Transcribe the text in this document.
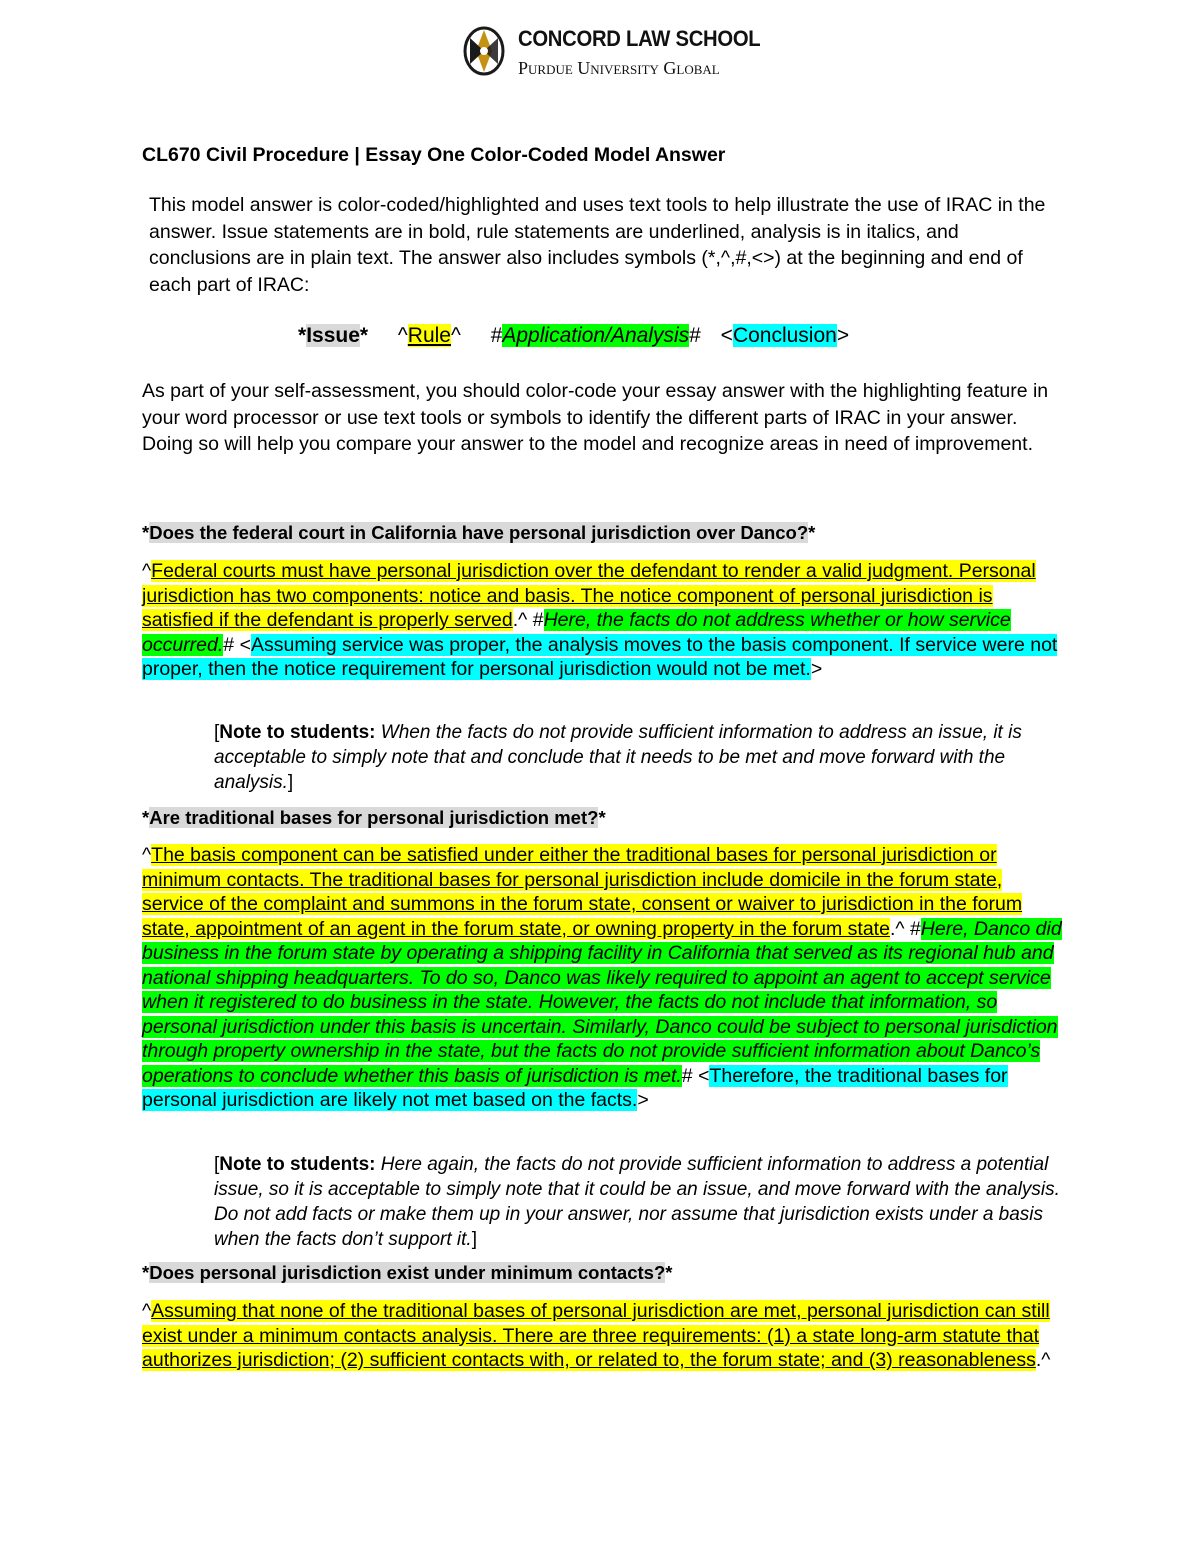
CONCORD LAW SCHOOL
Purdue University Global
CL670 Civil Procedure | Essay One Color-Coded Model Answer
This model answer is color-coded/highlighted and uses text tools to help illustrate the use of IRAC in the answer. Issue statements are in bold, rule statements are underlined, analysis is in italics, and conclusions are in plain text. The answer also includes symbols (*,^,#,<>) at the beginning and end of each part of IRAC:
*Issue* ^Rule^ #Application/Analysis# <Conclusion>
As part of your self-assessment, you should color-code your essay answer with the highlighting feature in your word processor or use text tools or symbols to identify the different parts of IRAC in your answer. Doing so will help you compare your answer to the model and recognize areas in need of improvement.
*Does the federal court in California have personal jurisdiction over Danco?*
^Federal courts must have personal jurisdiction over the defendant to render a valid judgment. Personal jurisdiction has two components: notice and basis. The notice component of personal jurisdiction is satisfied if the defendant is properly served.^ #Here, the facts do not address whether or how service occurred.# <Assuming service was proper, the analysis moves to the basis component. If service were not proper, then the notice requirement for personal jurisdiction would not be met.>
[Note to students: When the facts do not provide sufficient information to address an issue, it is acceptable to simply note that and conclude that it needs to be met and move forward with the analysis.]
*Are traditional bases for personal jurisdiction met?*
^The basis component can be satisfied under either the traditional bases for personal jurisdiction or minimum contacts. The traditional bases for personal jurisdiction include domicile in the forum state, service of the complaint and summons in the forum state, consent or waiver to jurisdiction in the forum state, appointment of an agent in the forum state, or owning property in the forum state.^ #Here, Danco did business in the forum state by operating a shipping facility in California that served as its regional hub and national shipping headquarters. To do so, Danco was likely required to appoint an agent to accept service when it registered to do business in the state. However, the facts do not include that information, so personal jurisdiction under this basis is uncertain. Similarly, Danco could be subject to personal jurisdiction through property ownership in the state, but the facts do not provide sufficient information about Danco’s operations to conclude whether this basis of jurisdiction is met.# <Therefore, the traditional bases for personal jurisdiction are likely not met based on the facts.>
[Note to students: Here again, the facts do not provide sufficient information to address a potential issue, so it is acceptable to simply note that it could be an issue, and move forward with the analysis. Do not add facts or make them up in your answer, nor assume that jurisdiction exists under a basis when the facts don’t support it.]
*Does personal jurisdiction exist under minimum contacts?*
^Assuming that none of the traditional bases of personal jurisdiction are met, personal jurisdiction can still exist under a minimum contacts analysis. There are three requirements: (1) a state long-arm statute that authorizes jurisdiction; (2) sufficient contacts with, or related to, the forum state; and (3) reasonableness.^
